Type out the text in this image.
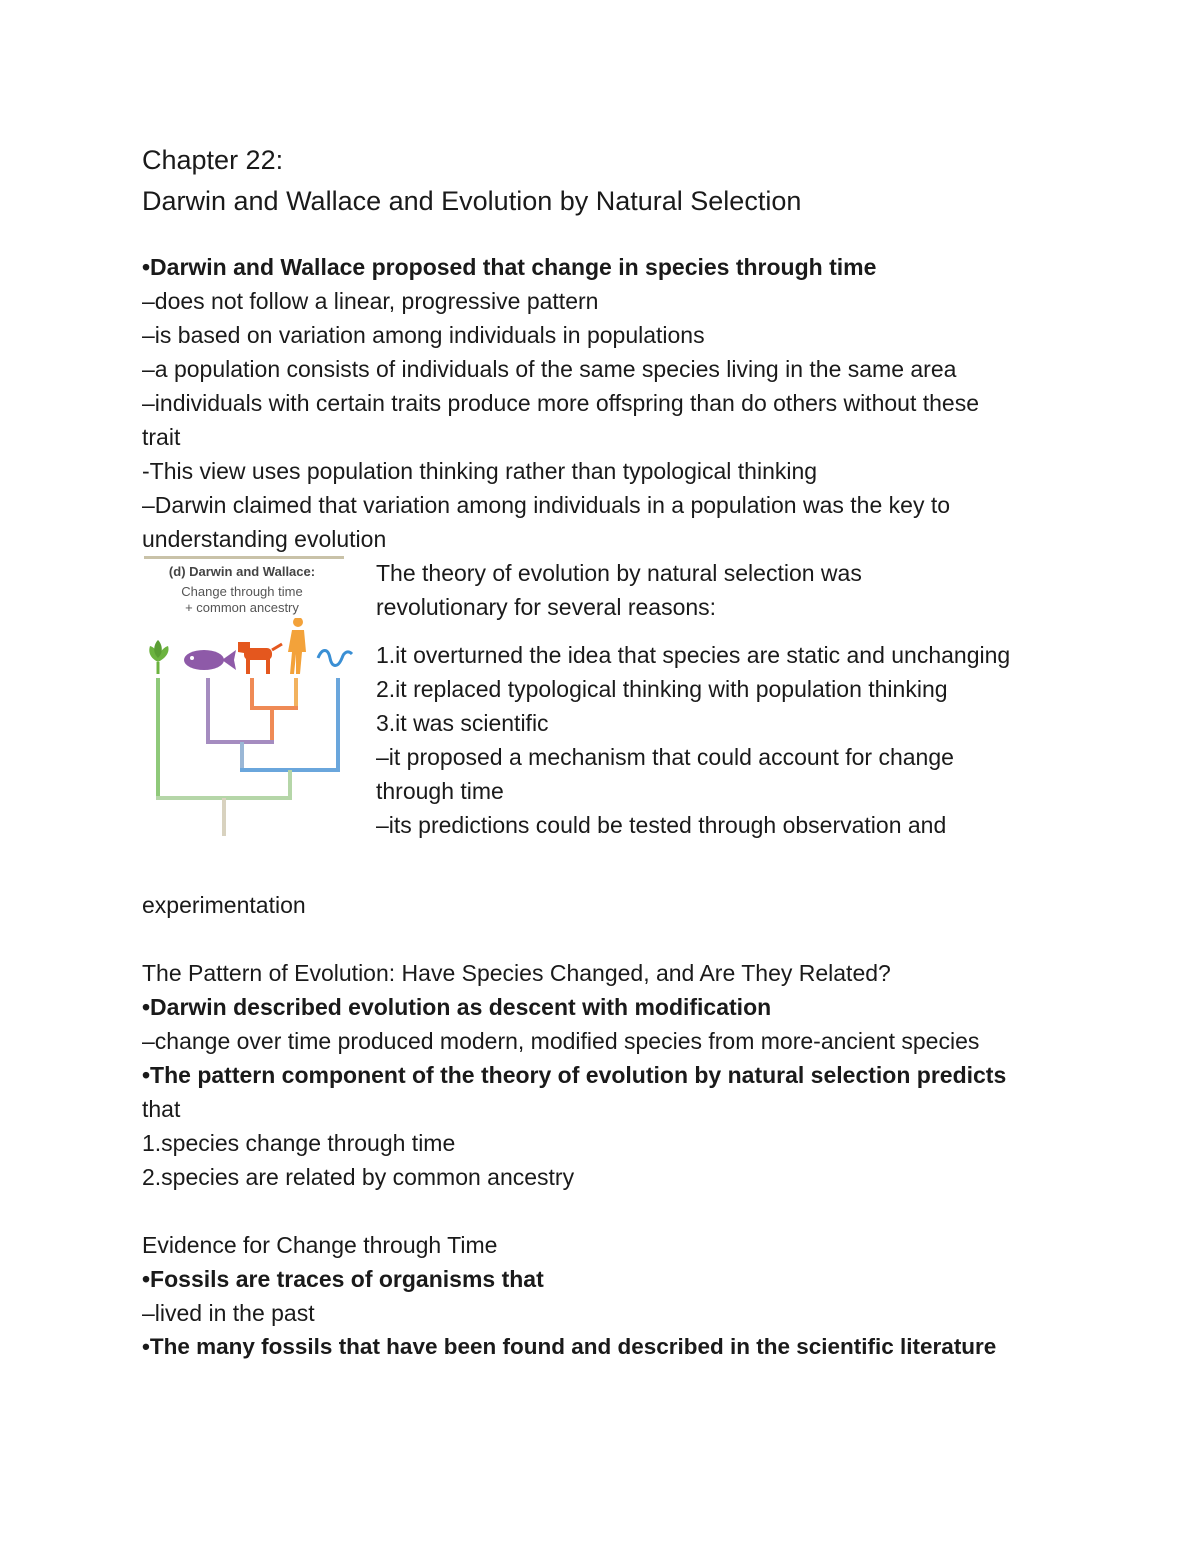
Chapter 22:

Darwin and Wallace and Evolution by Natural Selection

•Darwin and Wallace proposed that change in species through time

–does not follow a linear, progressive pattern

–is based on variation among individuals in populations

–a population consists of individuals of the same species living in the same area

–individuals with certain traits produce more offspring than do others without these trait

-This view uses population thinking rather than typological thinking

–Darwin claimed that variation among individuals in a population was the key to understanding evolution

(d) Darwin and Wallace:
Change through time
+ common ancestry

The theory of evolution by natural selection was

revolutionary for several reasons:

1.it overturned the idea that species are static and unchanging

2.it replaced typological thinking with population thinking

3.it was scientific

–it proposed a mechanism that could account for change through time

–its predictions could be tested through observation and

experimentation

The Pattern of Evolution: Have Species Changed, and Are They Related?

•Darwin described evolution as descent with modification

–change over time produced modern, modified species from more-ancient species

•The pattern component of the theory of evolution by natural selection predicts

that

1.species change through time

2.species are related by common ancestry

Evidence for Change through Time

•Fossils are traces of organisms that

–lived in the past

•The many fossils that have been found and described in the scientific literature
